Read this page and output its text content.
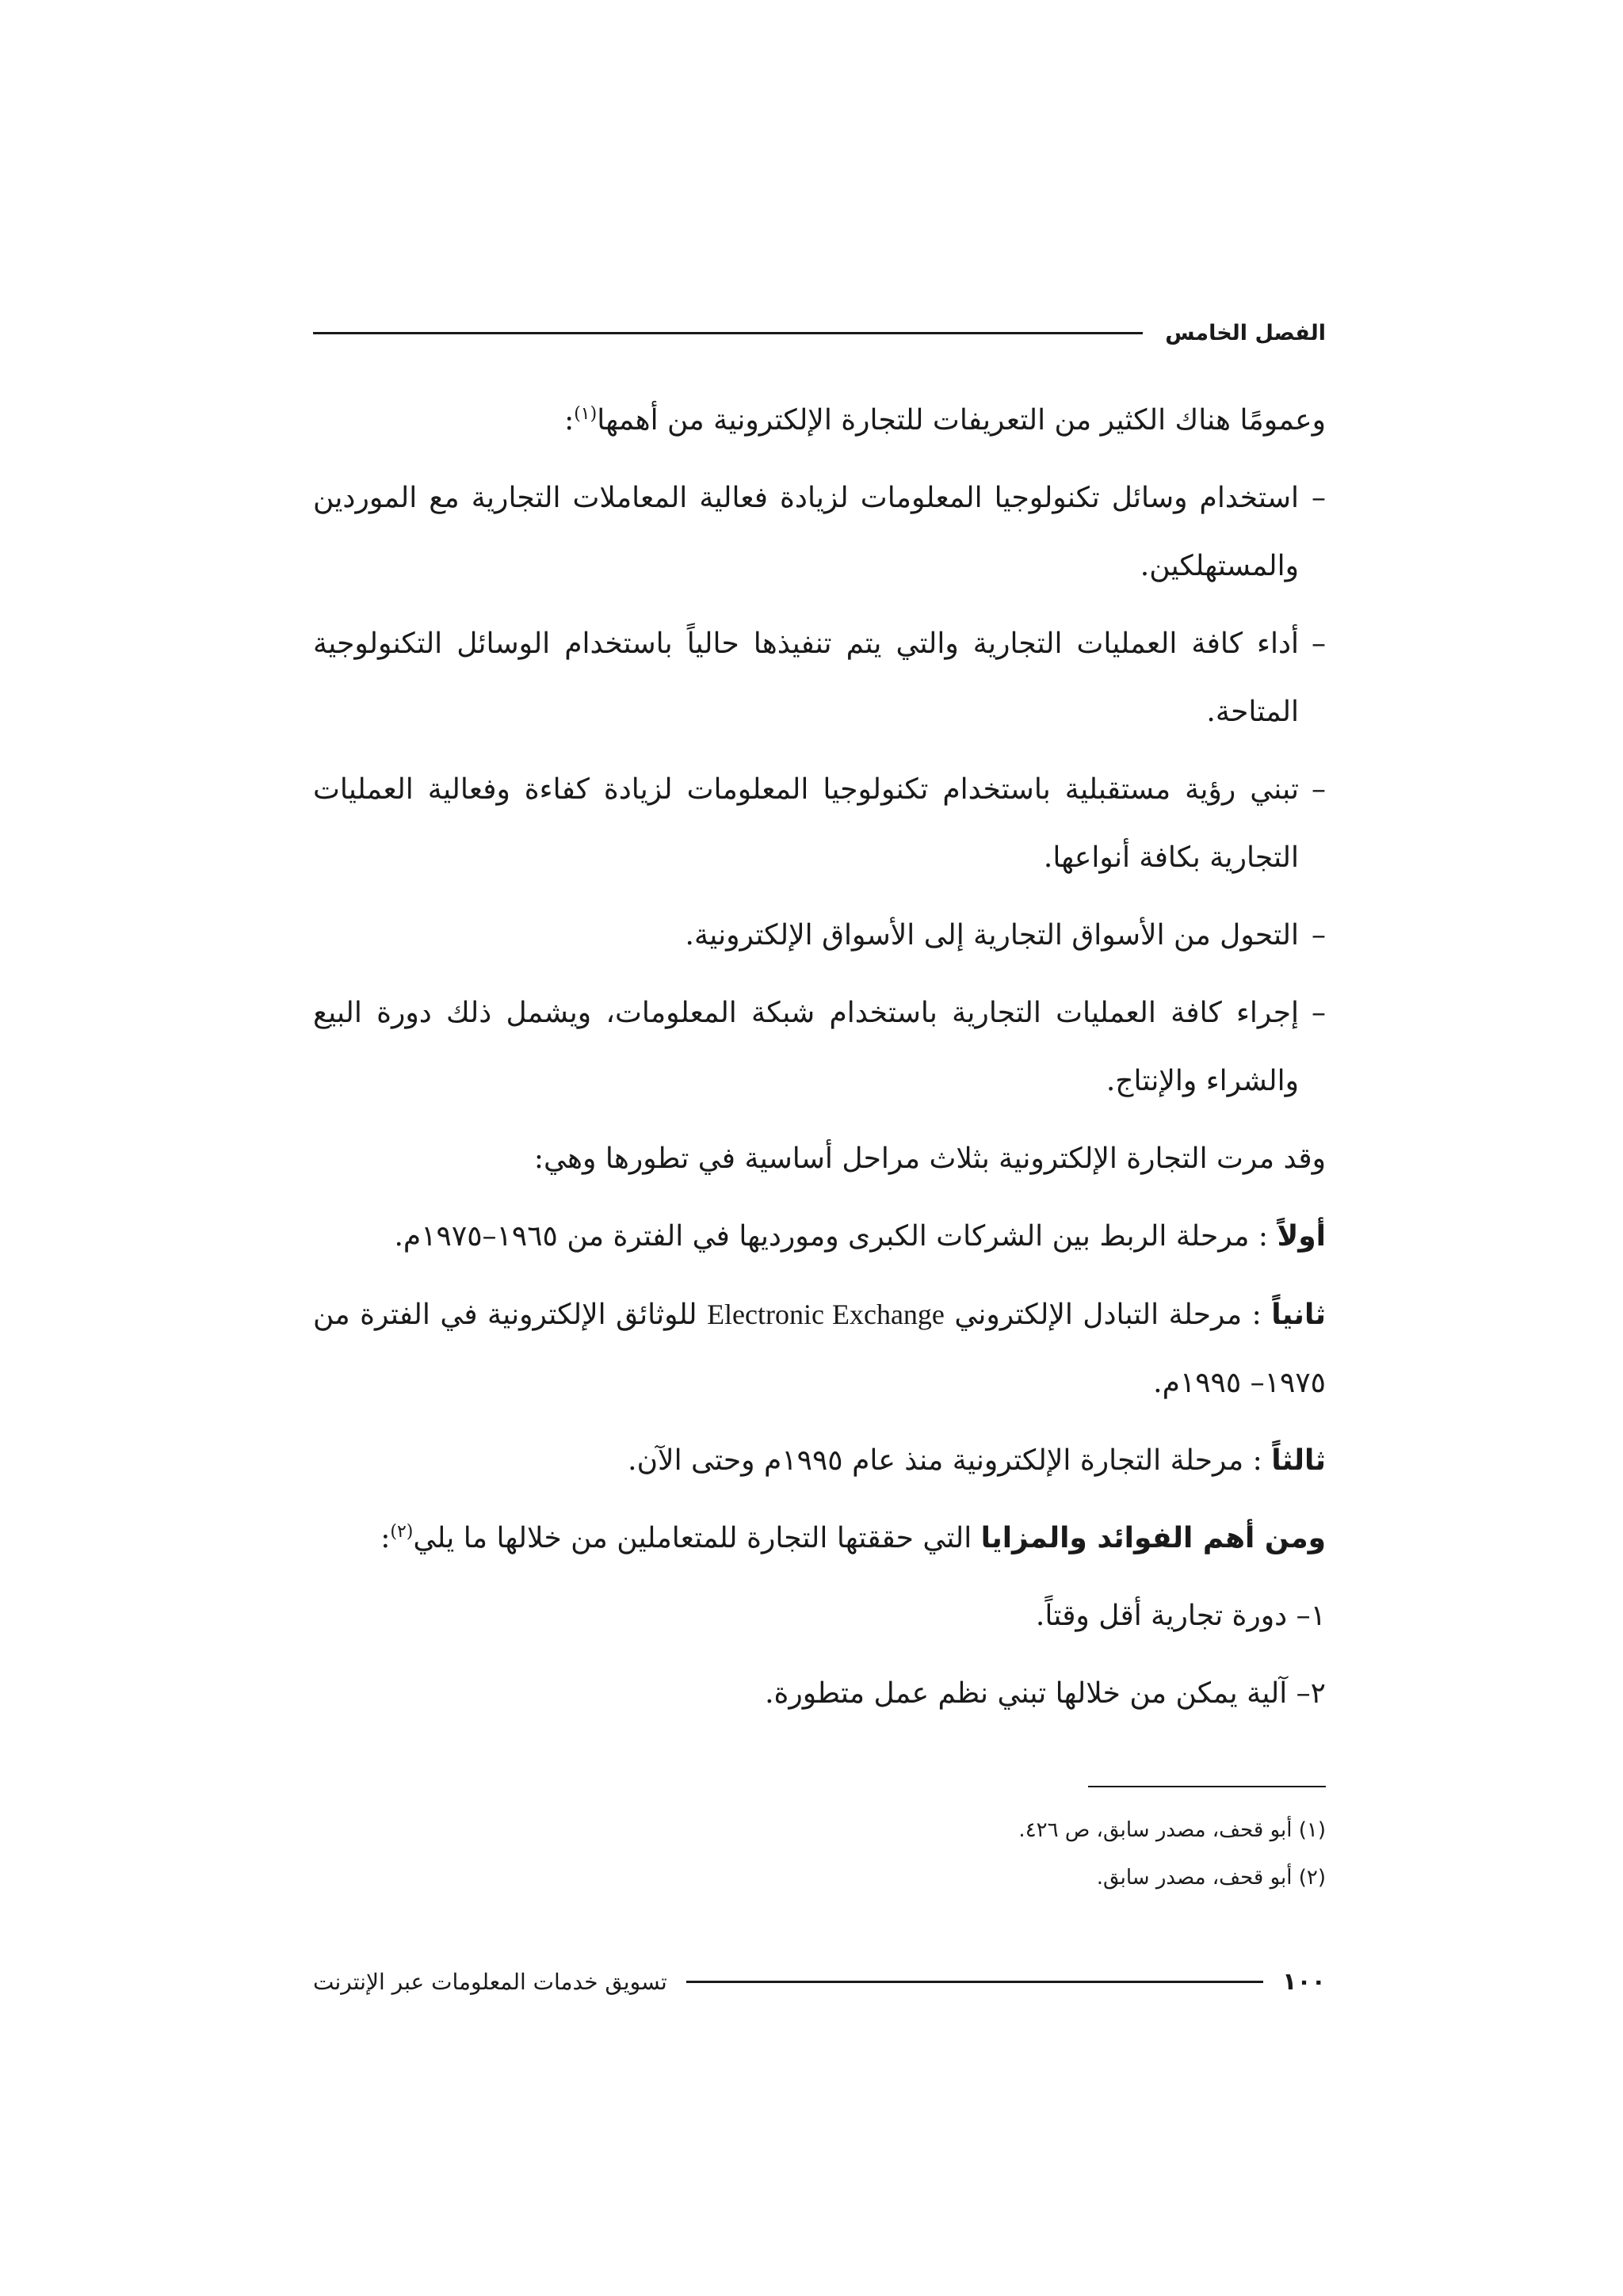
الفصل الخامس

وعمومًا هناك الكثير من التعريفات للتجارة الإلكترونية من أهمها$^{(١)}$:

–
استخدام وسائل تكنولوجيا المعلومات لزيادة فعالية المعاملات التجارية مع الموردين والمستهلكين.
–
أداء كافة العمليات التجارية والتي يتم تنفيذها حالياً باستخدام الوسائل التكنولوجية المتاحة.
–
تبني رؤية مستقبلية باستخدام تكنولوجيا المعلومات لزيادة كفاءة وفعالية العمليات التجارية بكافة أنواعها.
–
التحول من الأسواق التجارية إلى الأسواق الإلكترونية.
–
إجراء كافة العمليات التجارية باستخدام شبكة المعلومات، ويشمل ذلك دورة البيع والشراء والإنتاج.

وقد مرت التجارة الإلكترونية بثلاث مراحل أساسية في تطورها وهي:

أولاً : مرحلة الربط بين الشركات الكبرى ومورديها في الفترة من ١٩٦٥–١٩٧٥م.

ثانياً : مرحلة التبادل الإلكتروني Electronic Exchange للوثائق الإلكترونية في الفترة من ١٩٧٥– ١٩٩٥م.

ثالثاً : مرحلة التجارة الإلكترونية منذ عام ١٩٩٥م وحتى الآن.

ومن أهم الفوائد والمزايا التي حققتها التجارة للمتعاملين من خلالها ما يلي$^{(٢)}$:

١– دورة تجارية أقل وقتاً.

٢– آلية يمكن من خلالها تبني نظم عمل متطورة.

(١) أبو قحف، مصدر سابق، ص ٤٢٦.
(٢) أبو قحف، مصدر سابق.
١٠٠
تسويق خدمات المعلومات عبر الإنترنت
